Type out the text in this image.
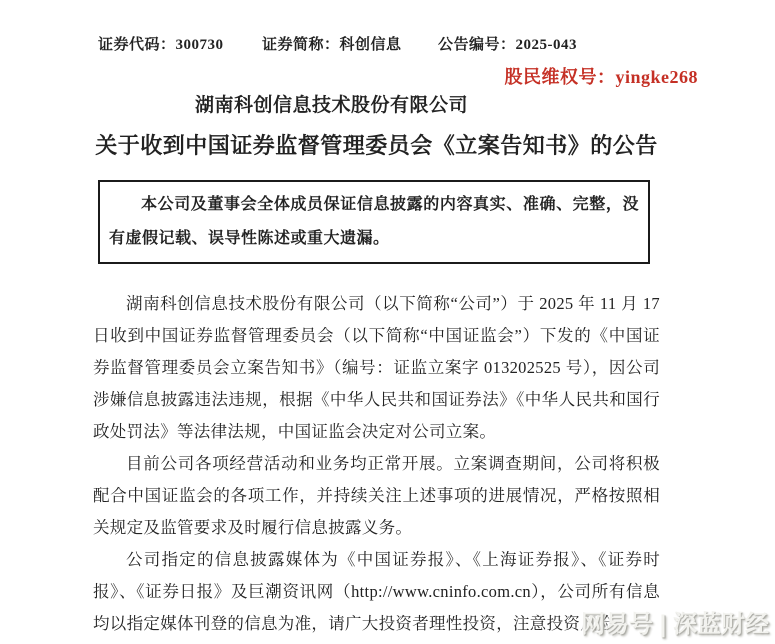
证券代码：300730	证券简称：科创信息 公告编号：2025-043
湖南科创信息技术股份有限公司
关于收到中国证券监督管理委员会《立案告知书》的公告

本公司及董事会全体成员保证信息披露的内容真实、准确、完整，没有虚假记载、误导性陈述或重大遗漏。

湖南科创信息技术股份有限公司（以下简称“公司”）于 2025 年 11 月 17 日收到中国证券监督管理委员会（以下简称“中国证监会”）下发的《中国证券监督管理委员会立案告知书》（编号：证监立案字 013202525 号），因公司涉嫌信息披露违法违规，根据《中华人民共和国证券法》《中华人民共和国行政处罚法》等法律法规，中国证监会决定对公司立案。

目前公司各项经营活动和业务均正常开展。立案调查期间，公司将积极配合中国证监会的各项工作，并持续关注上述事项的进展情况，严格按照相关规定及监管要求及时履行信息披露义务。

公司指定的信息披露媒体为《中国证券报》、《上海证券报》、《证券时报》、《证券日报》及巨潮资讯网（http://www.cninfo.com.cn），公司所有信息均以指定媒体刊登的信息为准，请广大投资者理性投资，注意投资风险。

股民维权号：yingke268
网易号 | 深蓝财经
